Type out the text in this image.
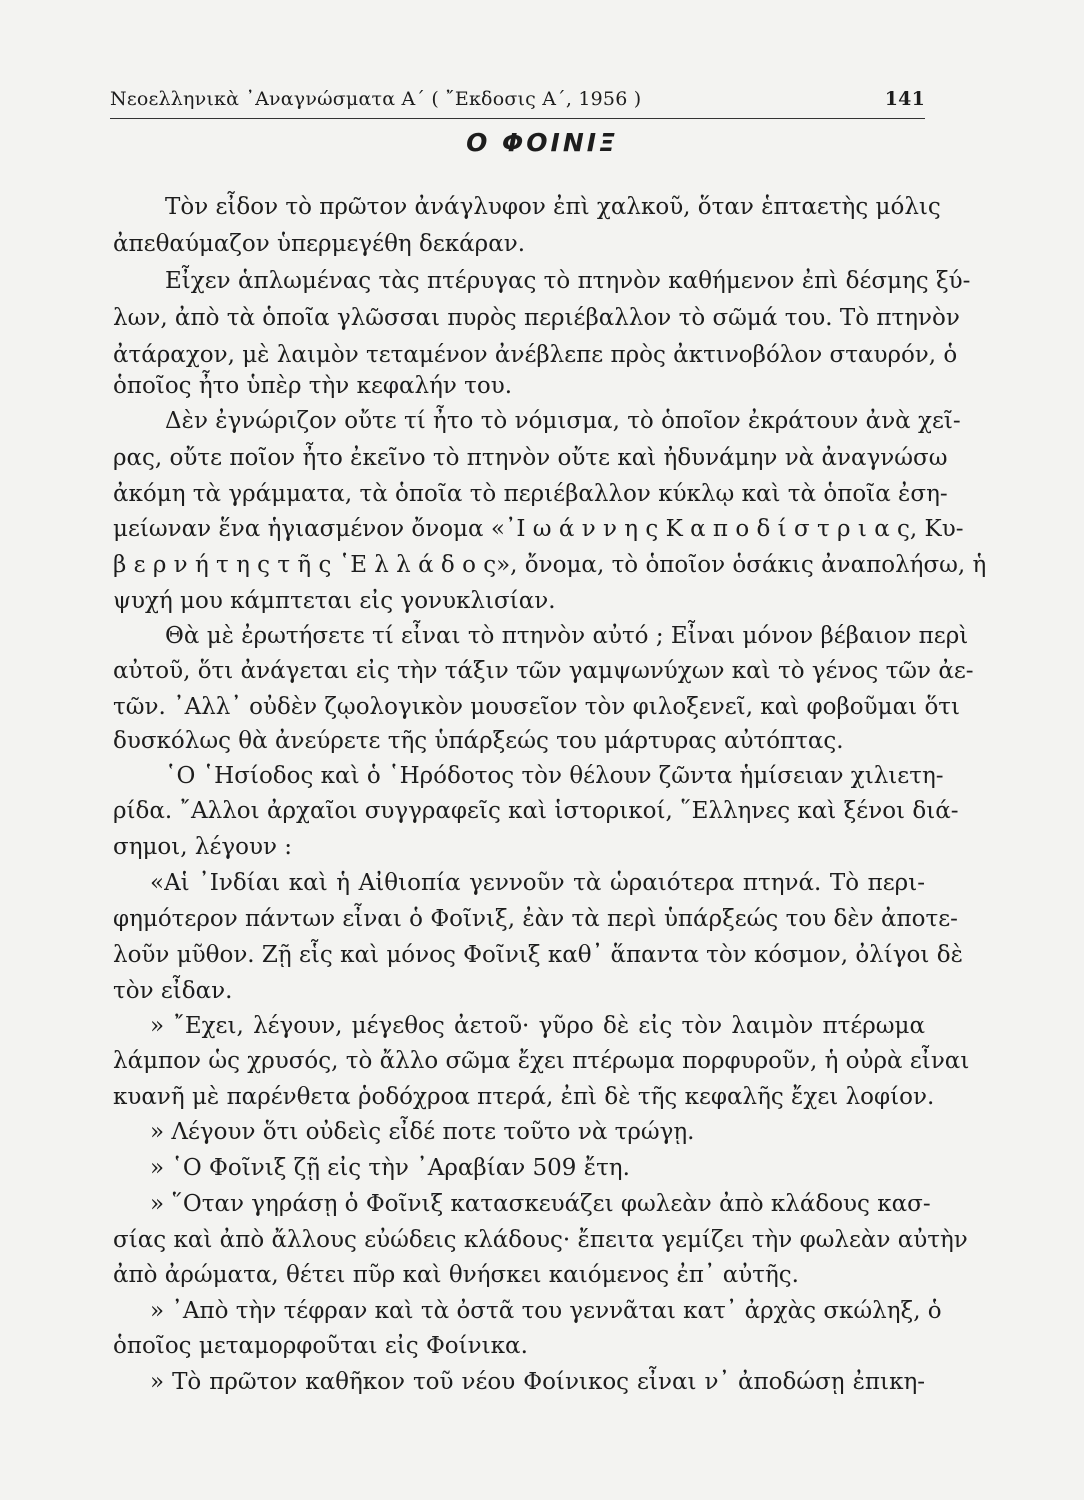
Νεοελληνικὰ ᾿Αναγνώσματα Α΄ ( ῎Εκδοσις Α΄, 1956 )	141
Ο ΦΟΙΝΙΞ
Τὸν εἶδον τὸ πρῶτον ἀνάγλυφον ἐπὶ χαλκοῦ, ὅταν ἑπταετὴς μόλις
ἀπεθαύμαζον ὑπερμεγέθη δεκάραν.
Εἶχεν ἁπλωμένας τὰς πτέρυγας τὸ πτηνὸν καθήμενον ἐπὶ δέσμης ξύ-
λων, ἀπὸ τὰ ὁποῖα γλῶσσαι πυρὸς περιέβαλλον τὸ σῶμά του. Τὸ πτηνὸν
ἀτάραχον, μὲ λαιμὸν τεταμένον ἀνέβλεπε πρὸς ἀκτινοβόλον σταυρόν, ὁ
ὁποῖος ἦτο ὑπὲρ τὴν κεφαλήν του.
Δὲν ἐγνώριζον οὔτε τί ἦτο τὸ νόμισμα, τὸ ὁποῖον ἐκράτουν ἀνὰ χεῖ-
ρας, οὔτε ποῖον ἦτο ἐκεῖνο τὸ πτηνὸν οὔτε καὶ ἠδυνάμην νὰ ἀναγνώσω
ἀκόμη τὰ γράμματα, τὰ ὁποῖα τὸ περιέβαλλον κύκλῳ καὶ τὰ ὁποῖα ἐση-
μείωναν ἕνα ἡγιασμένον ὄνομα «᾿Ι ω ά ν ν η ς Κ α π ο δ ί σ τ ρ ι α ς, Κυ-
β ε ρ ν ή τ η ς τ ῆ ς ῾Ε λ λ ά δ ο ς», ὄνομα, τὸ ὁποῖον ὁσάκις ἀναπολήσω, ἡ
ψυχή μου κάμπτεται εἰς γονυκλισίαν.
Θὰ μὲ ἐρωτήσετε τί εἶναι τὸ πτηνὸν αὐτό ; Εἶναι μόνον βέβαιον περὶ
αὐτοῦ, ὅτι ἀνάγεται εἰς τὴν τάξιν τῶν γαμψωνύχων καὶ τὸ γένος τῶν ἀε-
τῶν. ᾿Αλλ᾿ οὐδὲν ζῳολογικὸν μουσεῖον τὸν φιλοξενεῖ, καὶ φοβοῦμαι ὅτι
δυσκόλως θὰ ἀνεύρετε τῆς ὑπάρξεώς του μάρτυρας αὐτόπτας.
῾Ο ῾Ησίοδος καὶ ὁ ῾Ηρόδοτος τὸν θέλουν ζῶντα ἡμίσειαν χιλιετη-
ρίδα. ῎Αλλοι ἀρχαῖοι συγγραφεῖς καὶ ἱστορικοί, ῞Ελληνες καὶ ξένοι διά-
σημοι, λέγουν :
«Αἱ ᾿Ινδίαι καὶ ἡ Αἰθιοπία γεννοῦν τὰ ὡραιότερα πτηνά. Τὸ περι-
φημότερον πάντων εἶναι ὁ Φοῖνιξ, ἐὰν τὰ περὶ ὑπάρξεώς του δὲν ἀποτε-
λοῦν μῦθον. Ζῇ εἷς καὶ μόνος Φοῖνιξ καθ᾿ ἅπαντα τὸν κόσμον, ὀλίγοι δὲ
τὸν εἶδαν.
» ῎Εχει, λέγουν, μέγεθος ἀετοῦ· γῦρο δὲ εἰς τὸν λαιμὸν πτέρωμα
λάμπον ὡς χρυσός, τὸ ἄλλο σῶμα ἔχει πτέρωμα πορφυροῦν, ἡ οὐρὰ εἶναι
κυανῆ μὲ παρένθετα ῥοδόχροα πτερά, ἐπὶ δὲ τῆς κεφαλῆς ἔχει λοφίον.
» Λέγουν ὅτι οὐδεὶς εἶδέ ποτε τοῦτο νὰ τρώγῃ.
» ῾Ο Φοῖνιξ ζῇ εἰς τὴν ᾿Αραβίαν 509 ἔτη.
» ῞Οταν γηράσῃ ὁ Φοῖνιξ κατασκευάζει φωλεὰν ἀπὸ κλάδους κασ-
σίας καὶ ἀπὸ ἄλλους εὐώδεις κλάδους· ἔπειτα γεμίζει τὴν φωλεὰν αὐτὴν
ἀπὸ ἀρώματα, θέτει πῦρ καὶ θνήσκει καιόμενος ἐπ᾿ αὐτῆς.
» ᾿Απὸ τὴν τέφραν καὶ τὰ ὀστᾶ του γεννᾶται κατ᾿ ἀρχὰς σκώληξ, ὁ
ὁποῖος μεταμορφοῦται εἰς Φοίνικα.
» Τὸ πρῶτον καθῆκον τοῦ νέου Φοίνικος εἶναι ν᾿ ἀποδώσῃ ἐπικη-
